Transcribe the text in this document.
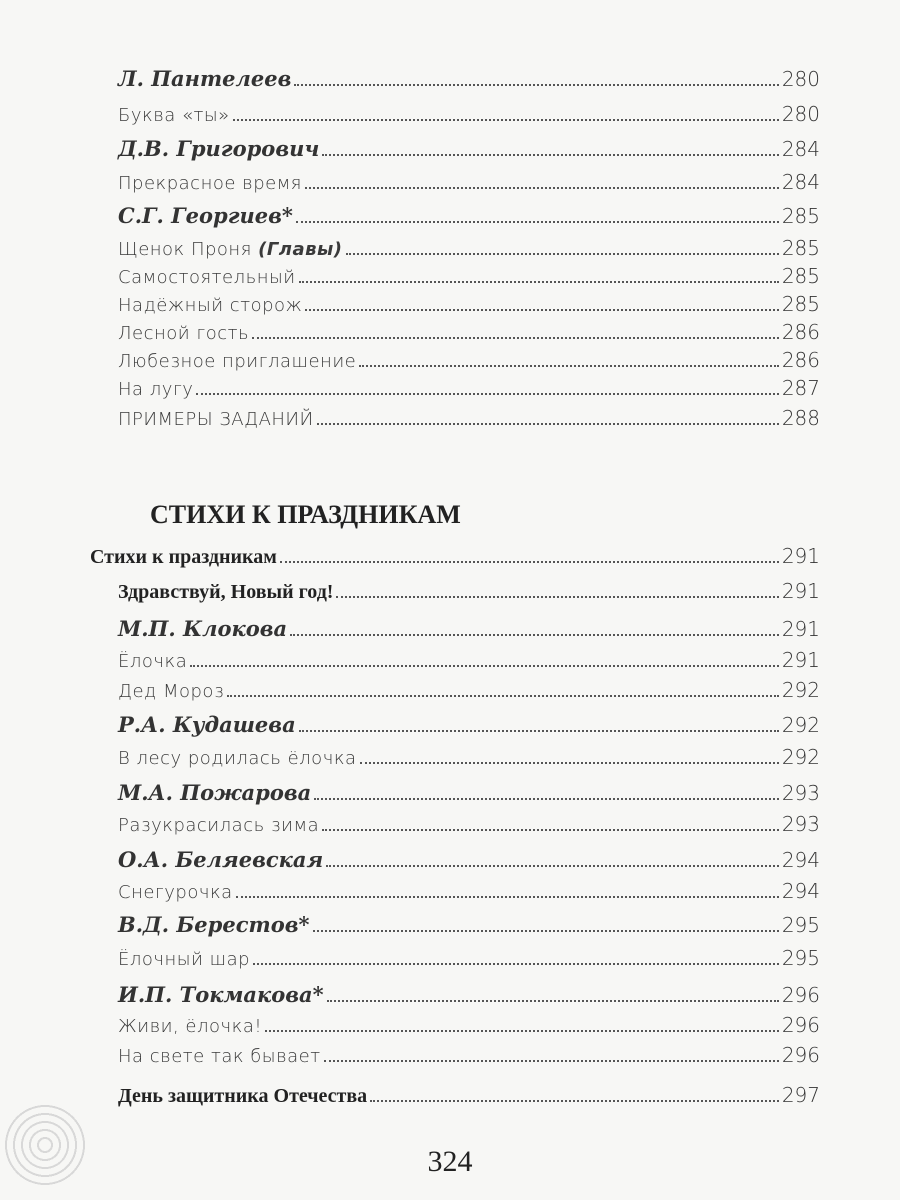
Л. Пантелеев	280
Буква «ты»	280
Д.В. Григорович	284
Прекрасное время	284
С.Г. Георгиев*	285
Щенок Проня (Главы)	285
Самостоятельный	285
Надёжный сторож	285
Лесной гость	286
Любезное приглашение	286
На лугу	287
ПРИМЕРЫ ЗАДАНИЙ	288
Стихи к праздникам	291
Здравствуй, Новый год!	291
М.П. Клокова	291
Ёлочка	291
Дед Мороз	292
Р.А. Кудашева	292
В лесу родилась ёлочка	292
М.А. Пожарова	293
Разукрасилась зима	293
О.А. Беляевская	294
Снегурочка	294
В.Д. Берестов*	295
Ёлочный шар	295
И.П. Токмакова*	296
Живи, ёлочка!	296
На свете так бывает	296
День защитника Отечества	297
СТИХИ К ПРАЗДНИКАМ
324
